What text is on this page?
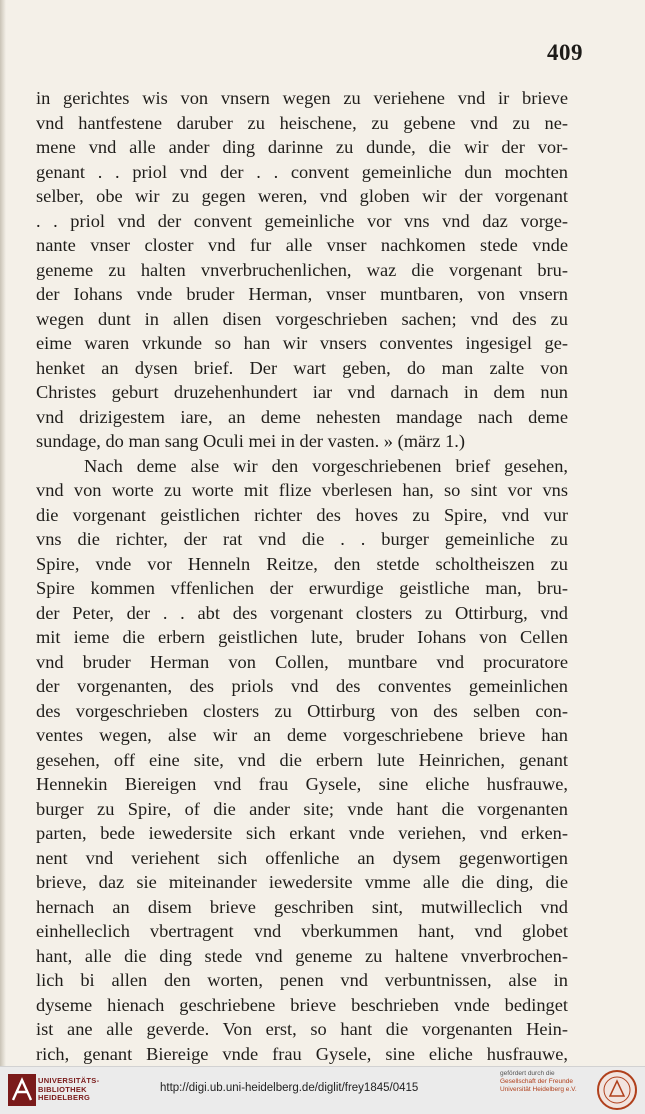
409
in gerichtes wis von vnsern wegen zu veriehene vnd ir brieve
vnd hantfestene daruber zu heischene, zu gebene vnd zu ne-
mene vnd alle ander ding darinne zu dunde, die wir der vor-
genant . . priol vnd der . . convent gemeinliche dun mochten
selber, obe wir zu gegen weren, vnd globen wir der vorgenant
. . priol vnd der convent gemeinliche vor vns vnd daz vorge-
nante vnser closter vnd fur alle vnser nachkomen stede vnde
geneme zu halten vnverbruchenlichen, waz die vorgenant bru-
der Iohans vnde bruder Herman, vnser muntbaren, von vnsern
wegen dunt in allen disen vorgeschrieben sachen; vnd des zu
eime waren vrkunde so han wir vnsers conventes ingesigel ge-
henket an dysen brief. Der wart geben, do man zalte von
Christes geburt druzehenhundert iar vnd darnach in dem nun
vnd drizigestem iare, an deme nehesten mandage nach deme
sundage, do man sang Oculi mei in der vasten. » (märz 1.)
Nach deme alse wir den vorgeschriebenen brief gesehen,
vnd von worte zu worte mit flize vberlesen han, so sint vor vns
die vorgenant geistlichen richter des hoves zu Spire, vnd vur
vns die richter, der rat vnd die . . burger gemeinliche zu
Spire, vnde vor Henneln Reitze, den stetde scholtheiszen zu
Spire kommen vffenlichen der erwurdige geistliche man, bru-
der Peter, der . . abt des vorgenant closters zu Ottirburg, vnd
mit ieme die erbern geistlichen lute, bruder Iohans von Cellen
vnd bruder Herman von Collen, muntbare vnd procuratore
der vorgenanten, des priols vnd des conventes gemeinlichen
des vorgeschrieben closters zu Ottirburg von des selben con-
ventes wegen, alse wir an deme vorgeschriebene brieve han
gesehen, off eine site, vnd die erbern lute Heinrichen, genant
Hennekin Biereigen vnd frau Gysele, sine eliche husfrauwe,
burger zu Spire, of die ander site; vnde hant die vorgenanten
parten, bede iewedersite sich erkant vnde veriehen, vnd erken-
nent vnd veriehent sich offenliche an dysem gegenwortigen
brieve, daz sie miteinander iewedersite vmme alle die ding, die
hernach an disem brieve geschriben sint, mutwilleclich vnd
einhelleclich vbertragent vnd vberkummen hant, vnd globet
hant, alle die ding stede vnd geneme zu haltene vnverbrochen-
lich bi allen den worten, penen vnd verbuntnissen, alse in
dyseme hienach geschriebene brieve beschrieben vnde bedinget
ist ane alle geverde. Von erst, so hant die vorgenanten Hein-
rich, genant Biereige vnde frau Gysele, sine eliche husfrauwe,
UNIVERSITÄTS-
BIBLIOTHEK
HEIDELBERG
http://digi.ub.uni-heidelberg.de/diglit/frey1845/0415
gefördert durch die
Gesellschaft der Freunde
Universität Heidelberg e.V.
